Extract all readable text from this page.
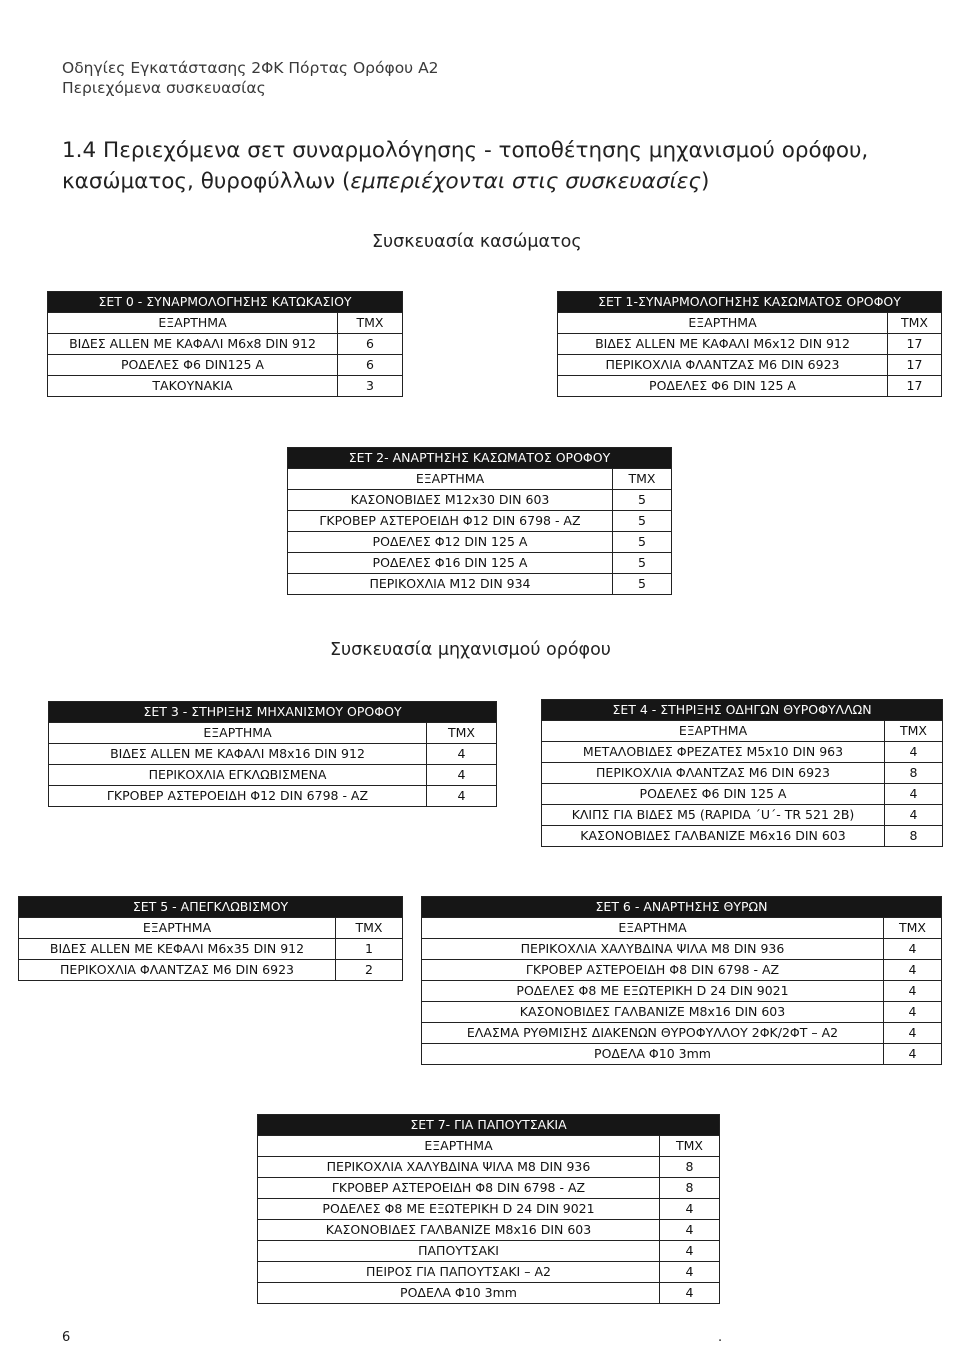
Οδηγίες Εγκατάστασης 2ΦΚ Πόρτας Ορόφου Α2
Περιεχόμενα συσκευασίας
1.4 Περιεχόμενα σετ συναρμολόγησης - τοποθέτησης μηχανισμού ορόφου,
κασώματος, θυροφύλλων (εμπεριέχονται στις συσκευασίες)
Συσκευασία κασώματος
Συσκευασία μηχανισμού ορόφου
ΣΕΤ 0 - ΣΥΝΑΡΜΟΛΟΓΗΣΗΣ ΚΑΤΩΚΑΣΙΟΥ	
ΕΞΑΡΤΗΜΑ	ΤΜΧ
ΒΙΔΕΣ ALLEN ΜΕ ΚΑΦΑΛΙ Μ6x8 DIN 912	6
ΡΟΔΕΛΕΣ Φ6 DIN125 A	6
ΤΑΚΟΥΝΑΚΙΑ	3
ΣΕΤ 1-ΣΥΝΑΡΜΟΛΟΓΗΣΗΣ ΚΑΣΩΜΑΤΟΣ ΟΡΟΦΟΥ	
ΕΞΑΡΤΗΜΑ	ΤΜΧ
ΒΙΔΕΣ ALLEN ΜΕ ΚΑΦΑΛΙ Μ6x12 DIN 912	17
ΠΕΡΙΚΟΧΛΙΑ ΦΛΑΝΤΖΑΣ Μ6 DIN 6923	17
ΡΟΔΕΛΕΣ Φ6 DIN 125 A	17
ΣΕΤ 2- ΑΝΑΡΤΗΣΗΣ ΚΑΣΩΜΑΤΟΣ ΟΡΟΦΟΥ	
ΕΞΑΡΤΗΜΑ	ΤΜΧ
ΚΑΣΟΝΟΒΙΔΕΣ Μ12x30 DIN 603	5
ΓΚΡΟΒΕΡ ΑΣΤΕΡΟΕΙΔΗ Φ12 DIN 6798 - ΑΖ	5
ΡΟΔΕΛΕΣ Φ12 DIN 125 A	5
ΡΟΔΕΛΕΣ Φ16 DIN 125 A	5
ΠΕΡΙΚΟΧΛΙΑ Μ12 DIN 934	5
ΣΕΤ 3 - ΣΤΗΡΙΞΗΣ ΜΗΧΑΝΙΣΜΟΥ ΟΡΟΦΟΥ	
ΕΞΑΡΤΗΜΑ	ΤΜΧ
ΒΙΔΕΣ ALLEN ΜΕ ΚΑΦΑΛΙ Μ8x16 DIN 912	4
ΠΕΡΙΚΟΧΛΙΑ ΕΓΚΛΩΒΙΣΜΕΝΑ	4
ΓΚΡΟΒΕΡ ΑΣΤΕΡΟΕΙΔΗ Φ12 DIN 6798 - ΑΖ	4
ΣΕΤ 4 - ΣΤΗΡΙΞΗΣ ΟΔΗΓΩΝ ΘΥΡΟΦΥΛΛΩΝ	
ΕΞΑΡΤΗΜΑ	ΤΜΧ
ΜΕΤΑΛΟΒΙΔΕΣ ΦΡΕΖΑΤΕΣ Μ5x10 DIN 963	4
ΠΕΡΙΚΟΧΛΙΑ ΦΛΑΝΤΖΑΣ Μ6 DIN 6923	8
ΡΟΔΕΛΕΣ Φ6 DIN 125 A	4
ΚΛΙΠΣ ΓΙΑ ΒΙΔΕΣ Μ5 (RAPIDA ΄U΄- TR 521 2B)	4
ΚΑΣΟΝΟΒΙΔΕΣ ΓΑΛΒΑΝΙΖΕ Μ6x16 DIN 603	8
ΣΕΤ 5 - ΑΠΕΓΚΛΩΒΙΣΜΟΥ	
ΕΞΑΡΤΗΜΑ	ΤΜΧ
ΒΙΔΕΣ ALLEN ΜΕ ΚΕΦΑΛΙ Μ6x35 DIN 912	1
ΠΕΡΙΚΟΧΛΙΑ ΦΛΑΝΤΖΑΣ Μ6 DIN 6923	2
ΣΕΤ 6 - ΑΝΑΡΤΗΣΗΣ ΘΥΡΩΝ	
ΕΞΑΡΤΗΜΑ	ΤΜΧ
ΠΕΡΙΚΟΧΛΙΑ ΧΑΛΥΒΔΙΝΑ ΨΙΛΑ Μ8 DIN 936	4
ΓΚΡΟΒΕΡ ΑΣΤΕΡΟΕΙΔΗ Φ8 DIN 6798 - ΑΖ	4
ΡΟΔΕΛΕΣ Φ8 ΜΕ ΕΞΩΤΕΡΙΚΗ D 24 DIN 9021	4
ΚΑΣΟΝΟΒΙΔΕΣ ΓΑΛΒΑΝΙΖΕ Μ8x16 DIN 603	4
ΕΛΑΣΜΑ ΡΥΘΜΙΣΗΣ ΔΙΑΚΕΝΩΝ ΘΥΡΟΦΥΛΛΟΥ 2ΦΚ/2ΦΤ – Α2	4
ΡΟΔΕΛΑ Φ10 3mm	4
ΣΕΤ 7- ΓΙΑ ΠΑΠΟΥΤΣΑΚΙΑ	
ΕΞΑΡΤΗΜΑ	ΤΜΧ
ΠΕΡΙΚΟΧΛΙΑ ΧΑΛΥΒΔΙΝΑ ΨΙΛΑ Μ8 DIN 936	8
ΓΚΡΟΒΕΡ ΑΣΤΕΡΟΕΙΔΗ Φ8 DIN 6798 - ΑΖ	8
ΡΟΔΕΛΕΣ Φ8 ΜΕ ΕΞΩΤΕΡΙΚΗ D 24 DIN 9021	4
ΚΑΣΟΝΟΒΙΔΕΣ ΓΑΛΒΑΝΙΖΕ Μ8x16 DIN 603	4
ΠΑΠΟΥΤΣΑΚΙ	4
ΠΕΙΡΟΣ ΓΙΑ ΠΑΠΟΥΤΣΑΚΙ – Α2	4
ΡΟΔΕΛΑ Φ10 3mm	4
6	.
